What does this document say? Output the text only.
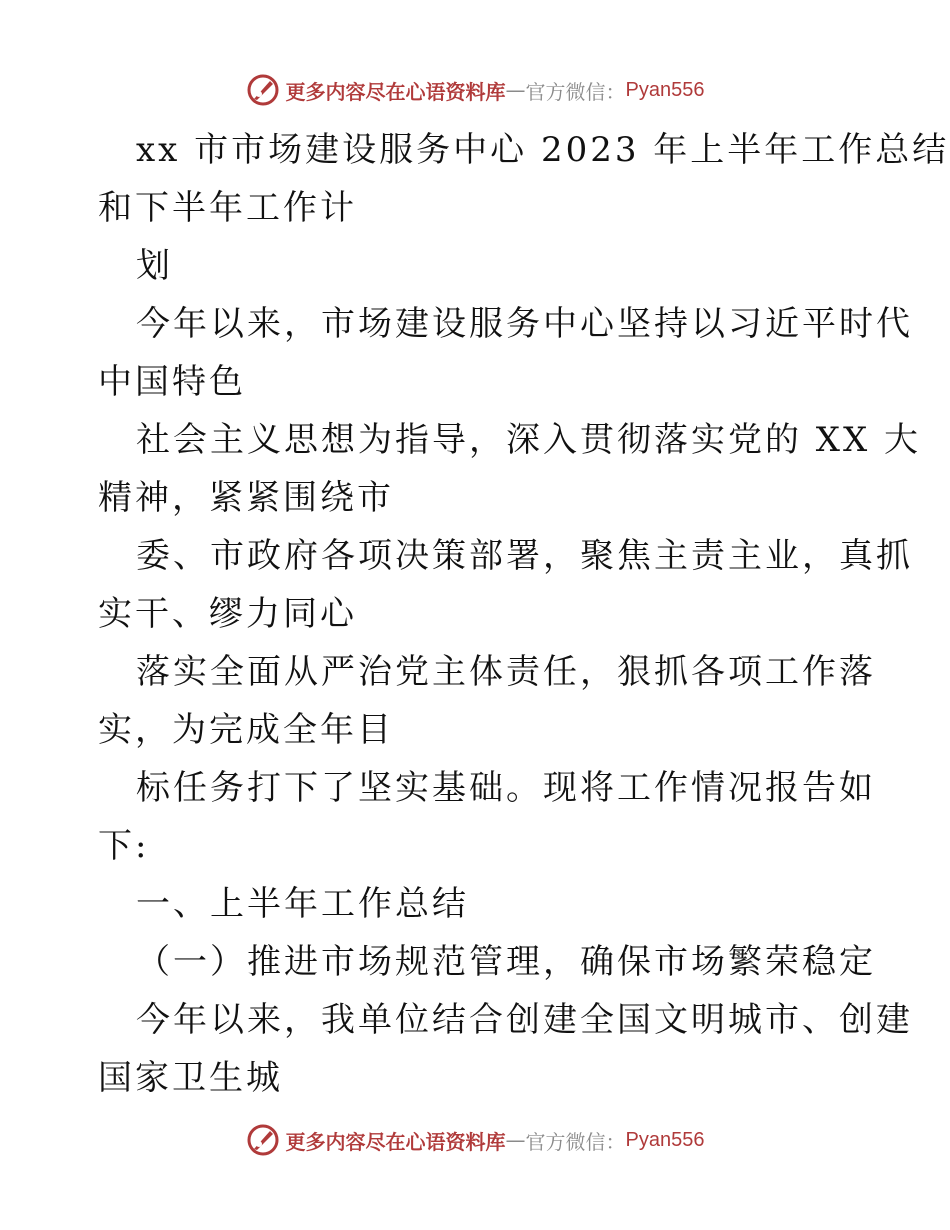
更多内容尽在心语资料库 — 官方微信： Pyan556
xx 市市场建设服务中心 2023 年上半年工作总结
和下半年工作计
划
今年以来，市场建设服务中心坚持以习近平时代
中国特色
社会主义思想为指导，深入贯彻落实党的 XX 大
精神，紧紧围绕市
委、市政府各项决策部署，聚焦主责主业，真抓
实干、缪力同心
落实全面从严治党主体责任，狠抓各项工作落
实，为完成全年目
标任务打下了坚实基础。现将工作情况报告如
下:
一、上半年工作总结
（一）推进市场规范管理，确保市场繁荣稳定
今年以来，我单位结合创建全国文明城市、创建
国家卫生城
更多内容尽在心语资料库 — 官方微信： Pyan556
